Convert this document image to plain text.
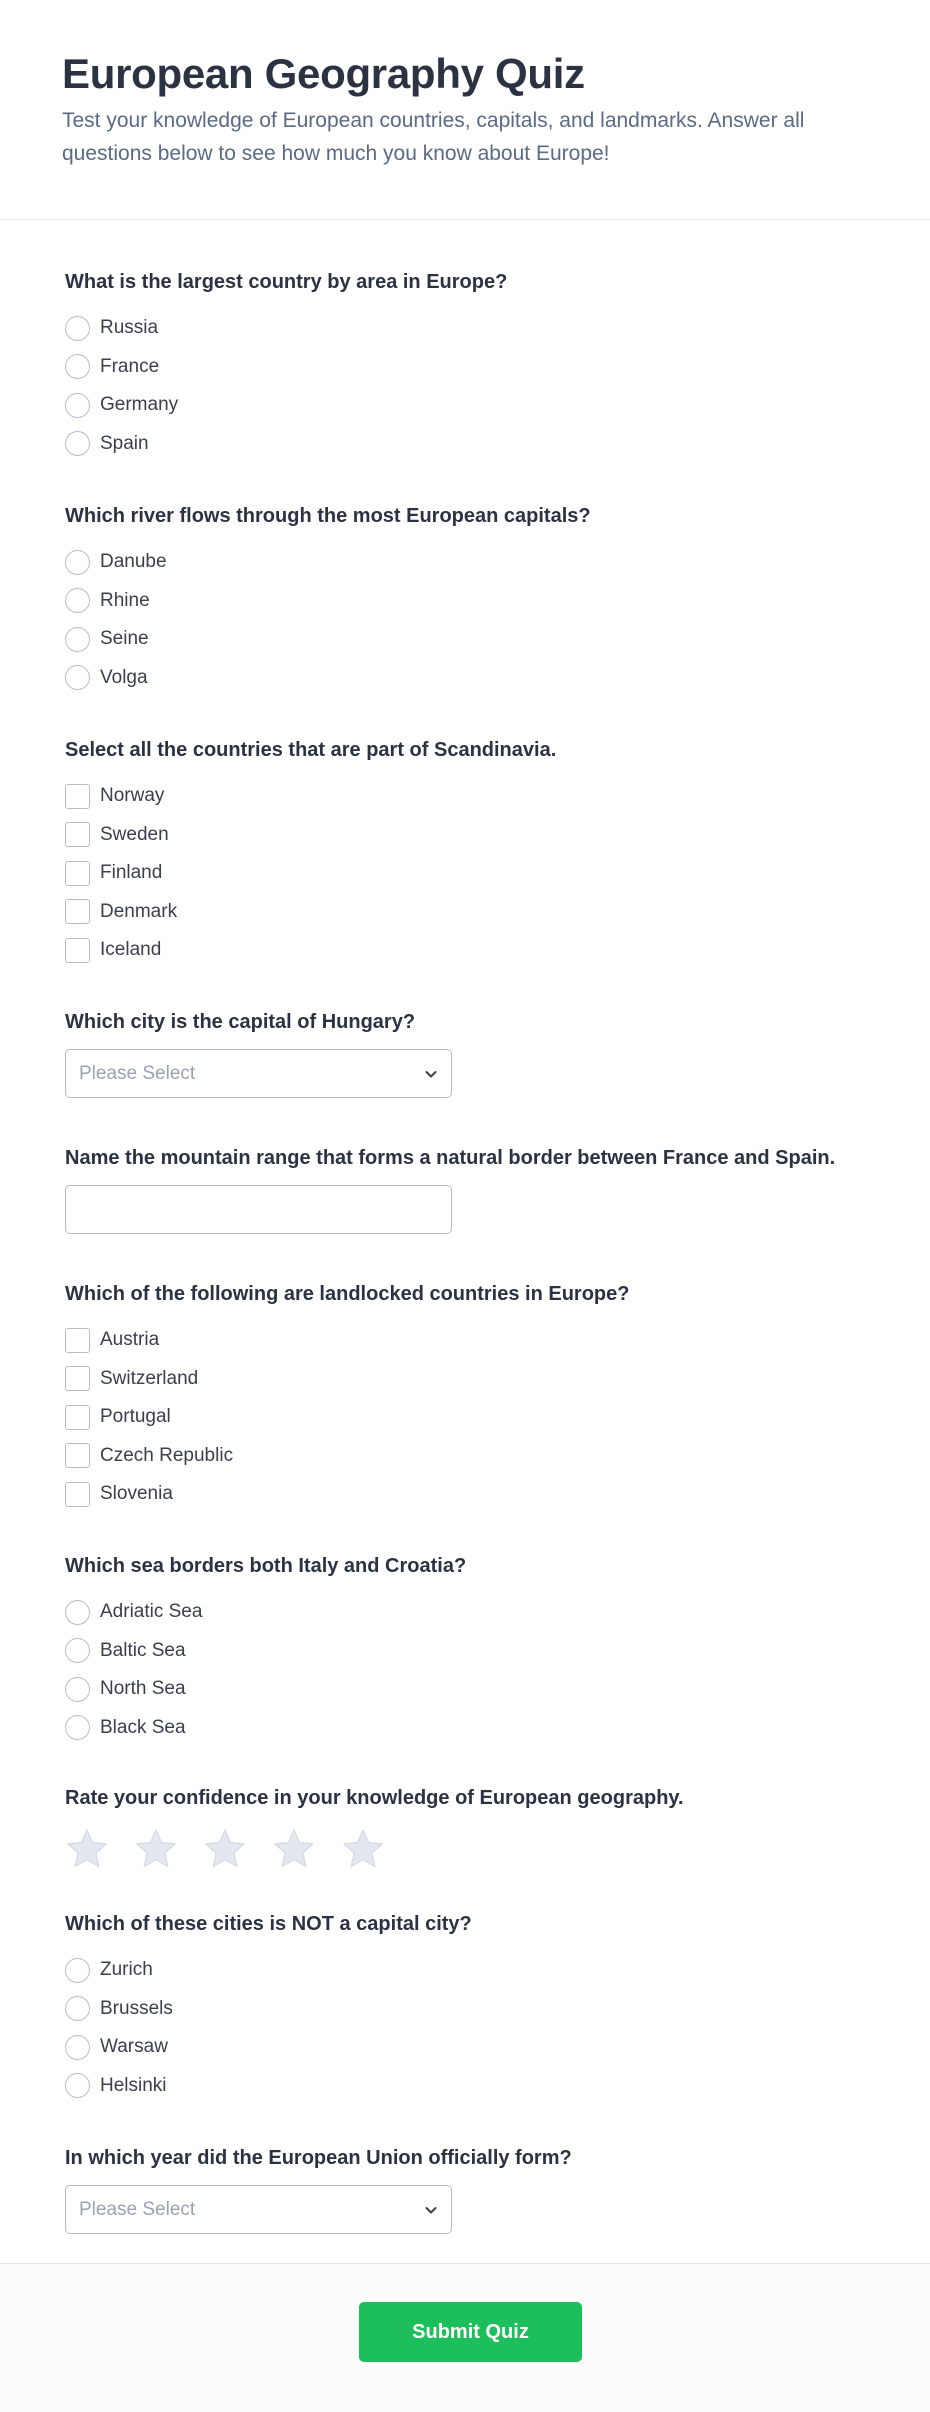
European Geography Quiz

Test your knowledge of European countries, capitals, and landmarks. Answer all questions below to see how much you know about Europe!

What is the largest country by area in Europe?
Russia
France
Germany
Spain
Which river flows through the most European capitals?
Danube
Rhine
Seine
Volga
Select all the countries that are part of Scandinavia.
Norway
Sweden
Finland
Denmark
Iceland
Which city is the capital of Hungary?
Please Select
Name the mountain range that forms a natural border between France and Spain.
Which of the following are landlocked countries in Europe?
Austria
Switzerland
Portugal
Czech Republic
Slovenia
Which sea borders both Italy and Croatia?
Adriatic Sea
Baltic Sea
North Sea
Black Sea
Rate your confidence in your knowledge of European geography.
Which of these cities is NOT a capital city?
Zurich
Brussels
Warsaw
Helsinki
In which year did the European Union officially form?
Please Select
Submit Quiz
